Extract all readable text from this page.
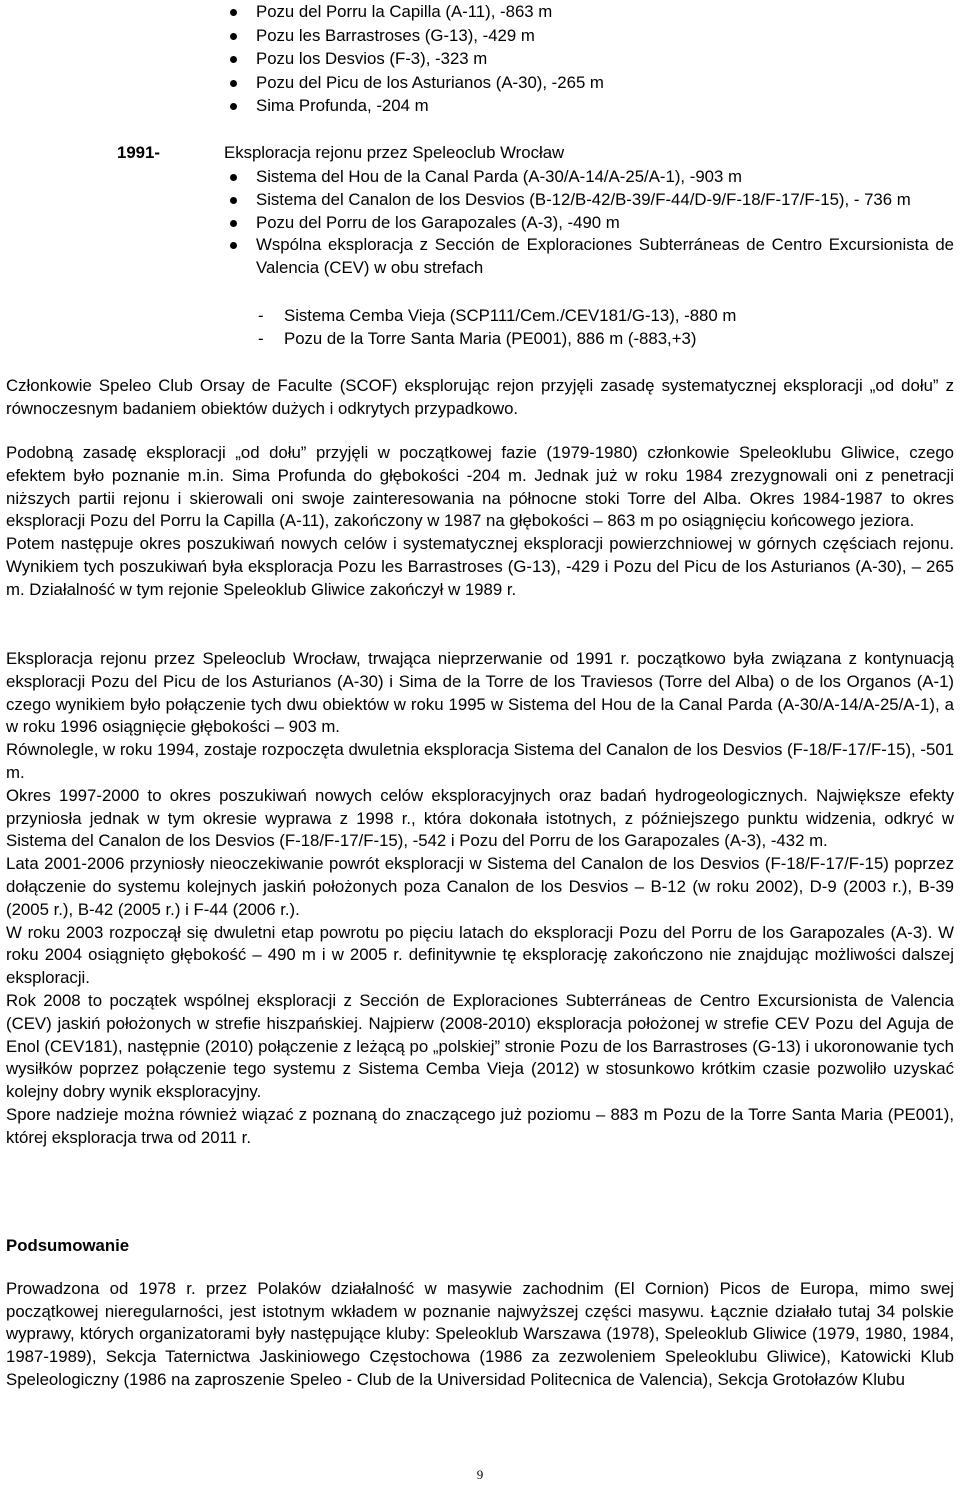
Pozu del Porru la Capilla (A-11), -863 m
Pozu les Barrastroses (G-13), -429 m
Pozu los Desvios (F-3), -323 m
Pozu del Picu de los Asturianos (A-30), -265 m
Sima Profunda, -204 m
1991-	Eksploracja rejonu przez Speleoclub Wrocław
Sistema del Hou de la Canal Parda (A-30/A-14/A-25/A-1), -903 m
Sistema del Canalon de los Desvios (B-12/B-42/B-39/F-44/D-9/F-18/F-17/F-15), - 736 m
Pozu del Porru de los Garapozales (A-3), -490 m
Wspólna eksploracja z Sección de Exploraciones Subterráneas de Centro Excursionista de Valencia (CEV) w obu strefach
- Sistema Cemba Vieja (SCP111/Cem./CEV181/G-13), -880 m
- Pozu de la Torre Santa Maria (PE001), 886 m (-883,+3)

Członkowie Speleo Club Orsay de Faculte (SCOF) eksplorując rejon przyjęli zasadę systematycznej eksploracji „od dołu” z równoczesnym badaniem obiektów dużych i odkrytych przypadkowo.

Podobną zasadę eksploracji „od dołu” przyjęli w początkowej fazie (1979-1980) członkowie Speleoklubu Gliwice, czego efektem było poznanie m.in. Sima Profunda do głębokości -204 m. Jednak już w roku 1984 zrezygnowali oni z penetracji niższych partii rejonu i skierowali oni swoje zainteresowania na północne stoki Torre del Alba. Okres 1984-1987 to okres eksploracji Pozu del Porru la Capilla (A-11), zakończony w 1987 na głębokości – 863 m po osiągnięciu końcowego jeziora.

Potem następuje okres poszukiwań nowych celów i systematycznej eksploracji powierzchniowej w górnych częściach rejonu. Wynikiem tych poszukiwań była eksploracja Pozu les Barrastroses (G-13), -429 i Pozu del Picu de los Asturianos (A-30), – 265 m. Działalność w tym rejonie Speleoklub Gliwice zakończył w 1989 r.

Eksploracja rejonu przez Speleoclub Wrocław, trwająca nieprzerwanie od 1991 r. początkowo była związana z kontynuacją eksploracji Pozu del Picu de los Asturianos (A-30) i Sima de la Torre de los Traviesos (Torre del Alba) o de los Organos (A-1) czego wynikiem było połączenie tych dwu obiektów w roku 1995 w Sistema del Hou de la Canal Parda (A-30/A-14/A-25/A-1), a w roku 1996 osiągnięcie głębokości – 903 m.

Równolegle, w roku 1994, zostaje rozpoczęta dwuletnia eksploracja Sistema del Canalon de los Desvios (F-18/F-17/F-15), -501 m.

Okres 1997-2000 to okres poszukiwań nowych celów eksploracyjnych oraz badań hydrogeologicznych. Największe efekty przyniosła jednak w tym okresie wyprawa z 1998 r., która dokonała istotnych, z późniejszego punktu widzenia, odkryć w Sistema del Canalon de los Desvios (F-18/F-17/F-15), -542 i Pozu del Porru de los Garapozales (A-3), -432 m.

Lata 2001-2006 przyniosły nieoczekiwanie powrót eksploracji w Sistema del Canalon de los Desvios (F-18/F-17/F-15) poprzez dołączenie do systemu kolejnych jaskiń położonych poza Canalon de los Desvios – B-12 (w roku 2002), D-9 (2003 r.), B-39 (2005 r.), B-42 (2005 r.) i F-44 (2006 r.).

W roku 2003 rozpoczął się dwuletni etap powrotu po pięciu latach do eksploracji Pozu del Porru de los Garapozales (A-3). W roku 2004 osiągnięto głębokość – 490 m i w 2005 r. definitywnie tę eksplorację zakończono nie znajdując możliwości dalszej eksploracji.

Rok 2008 to początek wspólnej eksploracji z Sección de Exploraciones Subterráneas de Centro Excursionista de Valencia (CEV) jaskiń położonych w strefie hiszpańskiej. Najpierw (2008-2010) eksploracja położonej w strefie CEV Pozu del Aguja de Enol (CEV181), następnie (2010) połączenie z leżącą po „polskiej” stronie Pozu de los Barrastroses (G-13) i ukoronowanie tych wysiłków poprzez połączenie tego systemu z Sistema Cemba Vieja (2012) w stosunkowo krótkim czasie pozwoliło uzyskać kolejny dobry wynik eksploracyjny.

Spore nadzieje można również wiązać z poznaną do znaczącego już poziomu – 883 m Pozu de la Torre Santa Maria (PE001), której eksploracja trwa od 2011 r.

Podsumowanie

Prowadzona od 1978 r. przez Polaków działalność w masywie zachodnim (El Cornion) Picos de Europa, mimo swej początkowej nieregularności, jest istotnym wkładem w poznanie najwyższej części masywu. Łącznie działało tutaj 34 polskie wyprawy, których organizatorami były następujące kluby: Speleoklub Warszawa (1978), Speleoklub Gliwice (1979, 1980, 1984, 1987-1989), Sekcja Taternictwa Jaskiniowego Częstochowa (1986 za zezwoleniem Speleoklubu Gliwice), Katowicki Klub Speleologiczny (1986 na zaproszenie Speleo - Club de la Universidad Politecnica de Valencia), Sekcja Grotołazów Klubu

9
